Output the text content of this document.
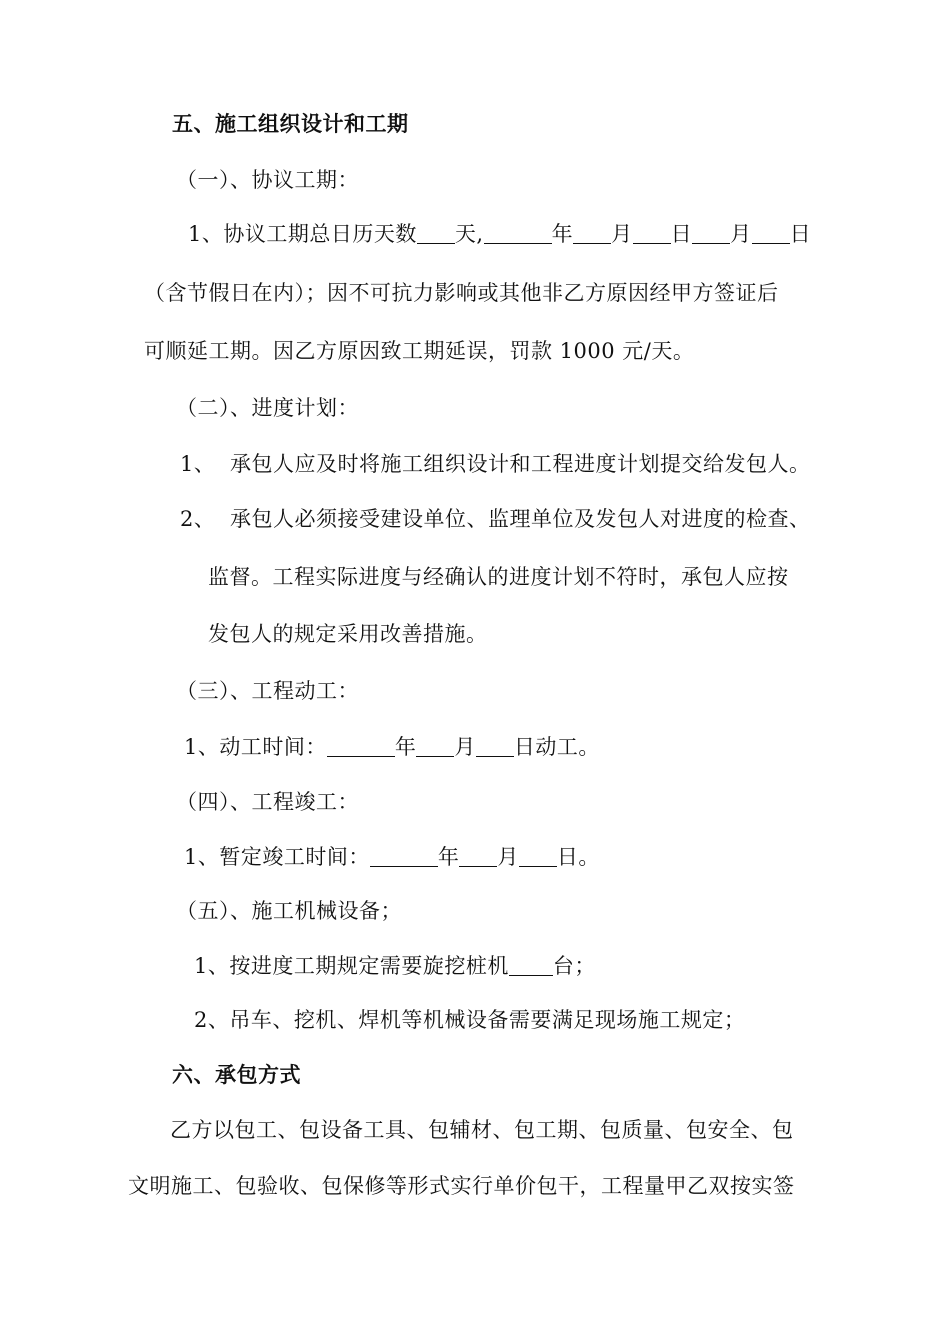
五、施工组织设计和工期
（一）、协议工期：
1、协议工期总日历天数 天,	年 月 日 月 日
（含节假日在内）；因不可抗力影响或其他非乙方原因经甲方签证后
可顺延工期。因乙方原因致工期延误，罚款 1000 元/天。
（二）、进度计划：
1、 承包人应及时将施工组织设计和工程进度计划提交给发包人。
2、 承包人必须接受建设单位、监理单位及发包人对进度的检查、
监督。工程实际进度与经确认的进度计划不符时，承包人应按
发包人的规定采用改善措施。
（三）、工程动工：
1、动工时间：	年 月 日动工。
（四）、工程竣工：
1、暂定竣工时间：	年 月 日。
（五）、施工机械设备；
1、按进度工期规定需要旋挖桩机 台；
2、吊车、挖机、焊机等机械设备需要满足现场施工规定；
六、承包方式
乙方以包工、包设备工具、包辅材、包工期、包质量、包安全、包
文明施工、包验收、包保修等形式实行单价包干，工程量甲乙双按实签
